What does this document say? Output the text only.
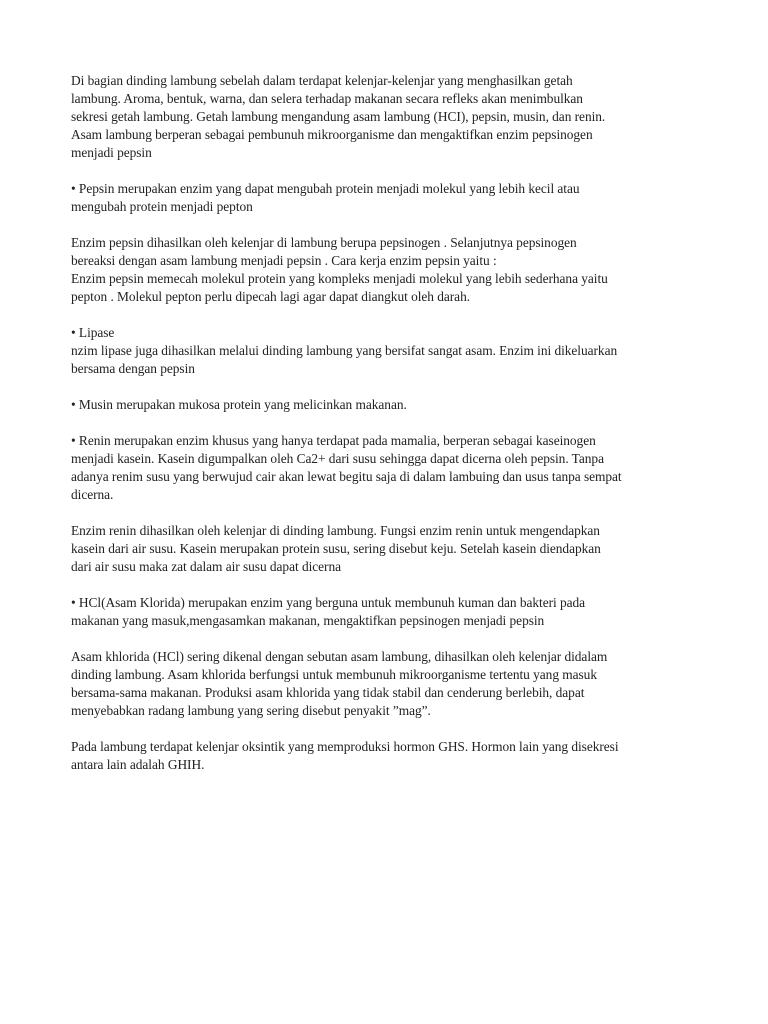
Di bagian dinding lambung sebelah dalam terdapat kelenjar-kelenjar yang menghasilkan getah
lambung. Aroma, bentuk, warna, dan selera terhadap makanan secara refleks akan menimbulkan
sekresi getah lambung. Getah lambung mengandung asam lambung (HCI), pepsin, musin, dan renin.
Asam lambung berperan sebagai pembunuh mikroorganisme dan mengaktifkan enzim pepsinogen
menjadi pepsin

• Pepsin merupakan enzim yang dapat mengubah protein menjadi molekul yang lebih kecil atau
mengubah protein menjadi pepton

Enzim pepsin dihasilkan oleh kelenjar di lambung berupa pepsinogen . Selanjutnya pepsinogen
bereaksi dengan asam lambung menjadi pepsin . Cara kerja enzim pepsin yaitu :
Enzim pepsin memecah molekul protein yang kompleks menjadi molekul yang lebih sederhana yaitu
pepton . Molekul pepton perlu dipecah lagi agar dapat diangkut oleh darah.

• Lipase
nzim lipase juga dihasilkan melalui dinding lambung yang bersifat sangat asam. Enzim ini dikeluarkan
bersama dengan pepsin

• Musin merupakan mukosa protein yang melicinkan makanan.

• Renin merupakan enzim khusus yang hanya terdapat pada mamalia, berperan sebagai kaseinogen
menjadi kasein. Kasein digumpalkan oleh Ca2+ dari susu sehingga dapat dicerna oleh pepsin. Tanpa
adanya renim susu yang berwujud cair akan lewat begitu saja di dalam lambuing dan usus tanpa sempat
dicerna.

Enzim renin dihasilkan oleh kelenjar di dinding lambung. Fungsi enzim renin untuk mengendapkan
kasein dari air susu. Kasein merupakan protein susu, sering disebut keju. Setelah kasein diendapkan
dari air susu maka zat dalam air susu dapat dicerna

• HCl(Asam Klorida) merupakan enzim yang berguna untuk membunuh kuman dan bakteri pada
makanan yang masuk,mengasamkan makanan, mengaktifkan pepsinogen menjadi pepsin

Asam khlorida (HCl) sering dikenal dengan sebutan asam lambung, dihasilkan oleh kelenjar didalam
dinding lambung. Asam khlorida berfungsi untuk membunuh mikroorganisme tertentu yang masuk
bersama-sama makanan. Produksi asam khlorida yang tidak stabil dan cenderung berlebih, dapat
menyebabkan radang lambung yang sering disebut penyakit ”mag”.

Pada lambung terdapat kelenjar oksintik yang memproduksi hormon GHS. Hormon lain yang disekresi
antara lain adalah GHIH.
